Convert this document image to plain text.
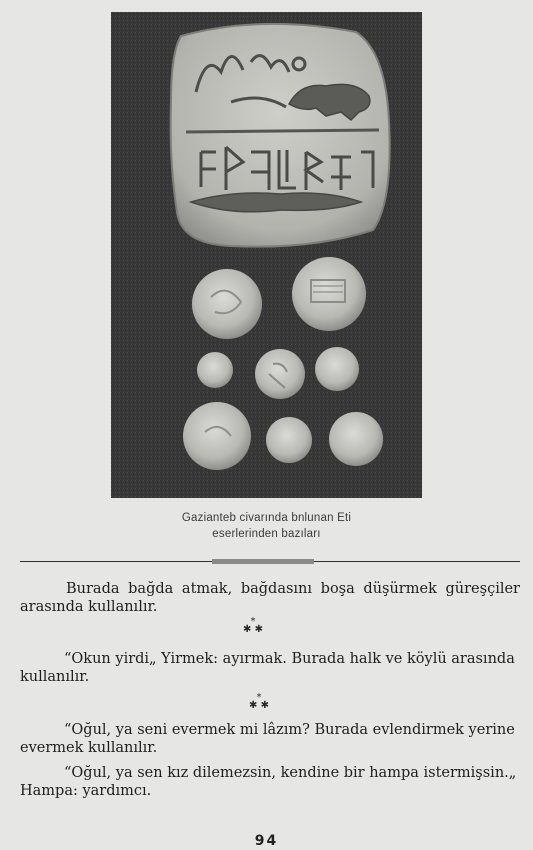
Gazianteb civarında bnlunan Eti
eserlerinden bazıları
Burada bağda atmak, bağdasını boşa düşürmek güreşçiler arasında kullanılır.
*
✱ ✱
“Okun yirdi„ Yirmek: ayırmak. Burada halk ve köylü arasında kullanılır.
*
✱ ✱
“Oğul, ya seni evermek mi lâzım? Burada evlendirmek yerine evermek kullanılır.
“Oğul, ya sen kız dilemezsin, kendine bir hampa istermişsin.„ Hampa: yardımcı.
94
